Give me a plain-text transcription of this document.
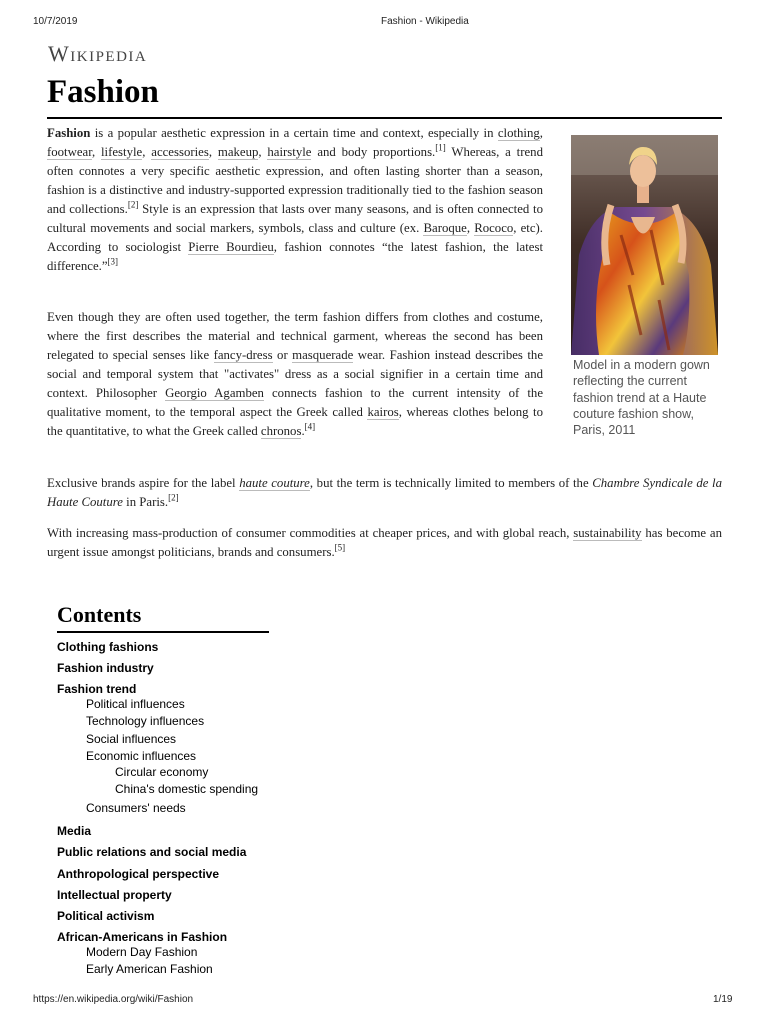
10/7/2019	Fashion - Wikipedia
https://en.wikipedia.org/wiki/Fashion	1/19
Wikipedia
Fashion

Fashion is a popular aesthetic expression in a certain time and context, especially in clothing, footwear, lifestyle, accessories, makeup, hairstyle and body proportions.[1] Whereas, a trend often connotes a very specific aesthetic expression, and often lasting shorter than a season, fashion is a distinctive and industry-supported expression traditionally tied to the fashion season and collections.[2] Style is an expression that lasts over many seasons, and is often connected to cultural movements and social markers, symbols, class and culture (ex. Baroque, Rococo, etc). According to sociologist Pierre Bourdieu, fashion connotes “the latest fashion, the latest difference.”[3]

Even though they are often used together, the term fashion differs from clothes and costume, where the first describes the material and technical garment, whereas the second has been relegated to special senses like fancy-dress or masquerade wear. Fashion instead describes the social and temporal system that "activates" dress as a social signifier in a certain time and context. Philosopher Georgio Agamben connects fashion to the current intensity of the qualitative moment, to the temporal aspect the Greek called kairos, whereas clothes belong to the quantitative, to what the Greek called chronos.[4]

Model in a modern gown reflecting the current fashion trend at a Haute couture fashion show, Paris, 2011

Exclusive brands aspire for the label haute couture, but the term is technically limited to members of the Chambre Syndicale de la Haute Couture in Paris.[2]

With increasing mass-production of consumer commodities at cheaper prices, and with global reach, sustainability has become an urgent issue amongst politicians, brands and consumers.[5]

Contents
Clothing fashions
Fashion industry
Fashion trend
Political influences
Technology influences
Social influences
Economic influences
Circular economy
China's domestic spending
Consumers' needs
Media
Public relations and social media
Anthropological perspective
Intellectual property
Political activism
African-Americans in Fashion
Modern Day Fashion
Early American Fashion
